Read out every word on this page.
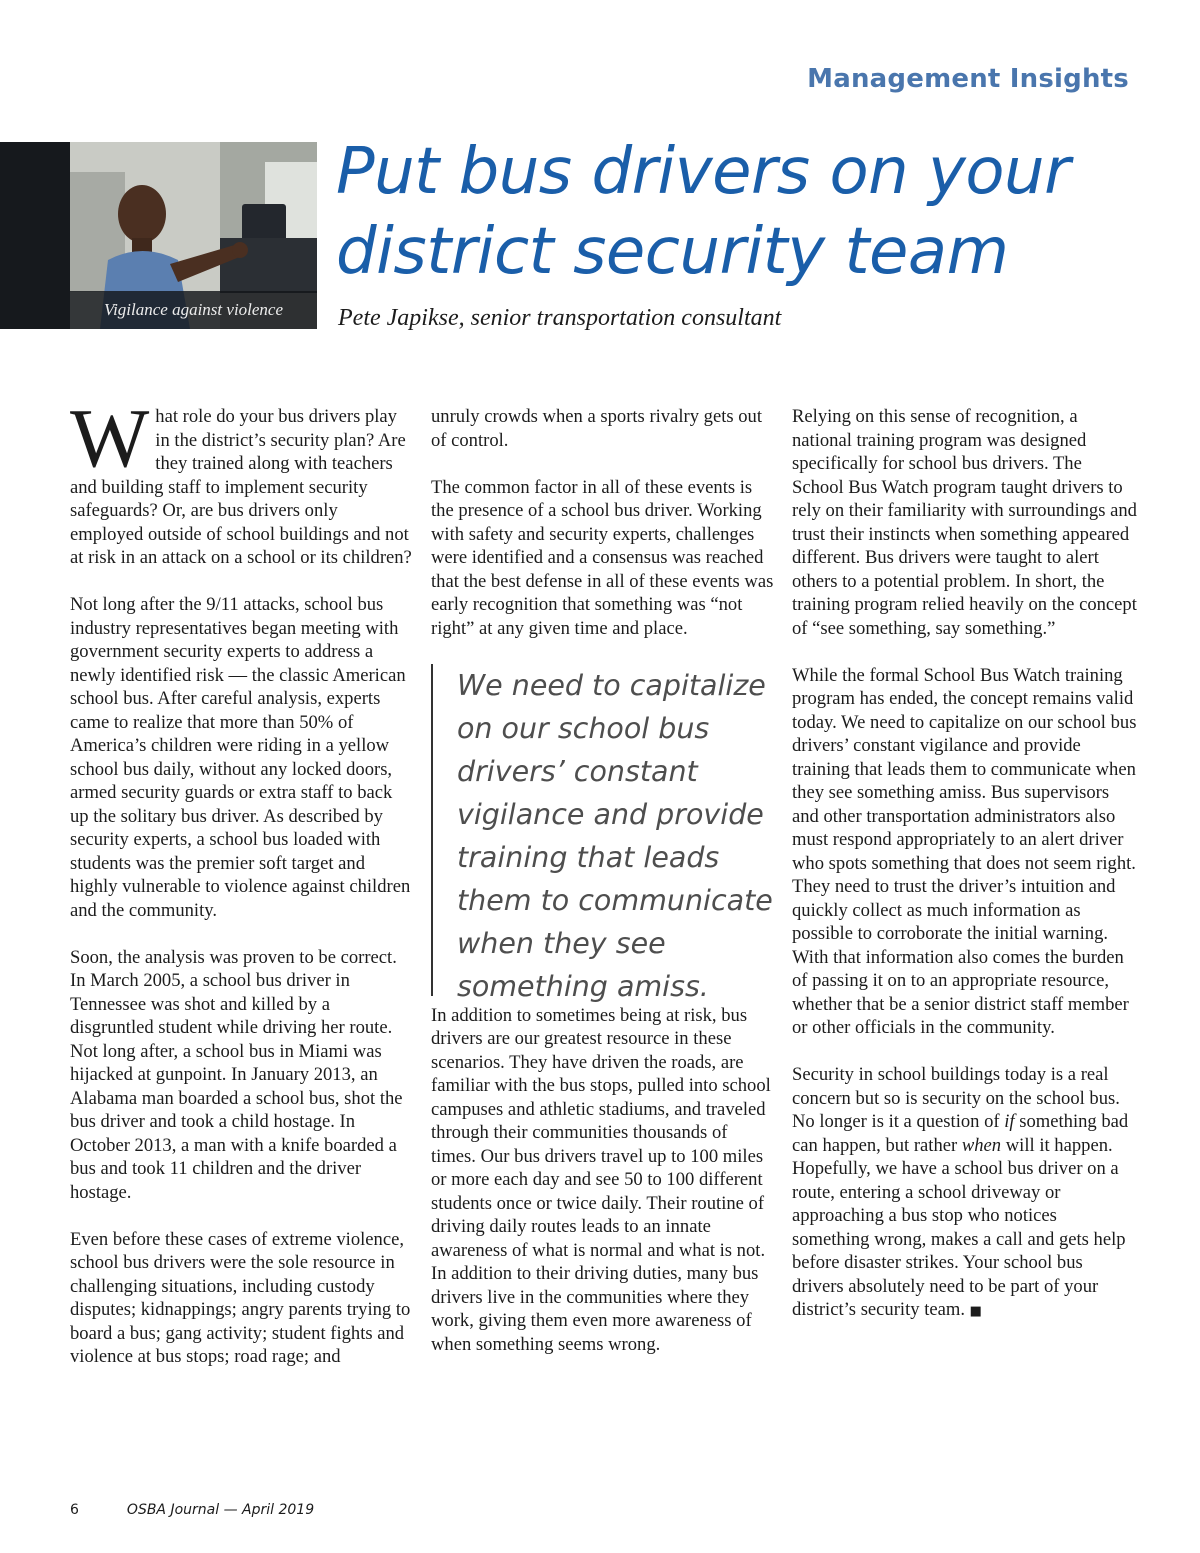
Management Insights
Vigilance against violence
Put bus drivers on your district security team
Pete Japikse, senior transportation consultant

What role do your bus drivers play in the district’s security plan? Are they trained along with teachers and building staff to implement security safeguards? Or, are bus drivers only employed outside of school buildings and not at risk in an attack on a school or its children?

Not long after the 9/11 attacks, school bus industry representatives began meeting with government security experts to address a newly identified risk — the classic American school bus. After careful analysis, experts came to realize that more than 50% of America’s children were riding in a yellow school bus daily, without any locked doors, armed security guards or extra staff to back up the solitary bus driver. As described by security experts, a school bus loaded with students was the premier soft target and highly vulnerable to violence against children and the community.

Soon, the analysis was proven to be correct. In March 2005, a school bus driver in Tennessee was shot and killed by a disgruntled student while driving her route. Not long after, a school bus in Miami was hijacked at gunpoint. In January 2013, an Alabama man boarded a school bus, shot the bus driver and took a child hostage. In October 2013, a man with a knife boarded a bus and took 11 children and the driver hostage.

Even before these cases of extreme violence, school bus drivers were the sole resource in challenging situations, including custody disputes; kidnappings; angry parents trying to board a bus; gang activity; student fights and violence at bus stops; road rage; and

unruly crowds when a sports rivalry gets out of control.

The common factor in all of these events is the presence of a school bus driver. Working with safety and security experts, challenges were identified and a consensus was reached that the best defense in all of these events was early recognition that something was “not right” at any given time and place.

We need to capitalize on our school bus drivers’ constant vigilance and provide training that leads them to communicate when they see something amiss.

In addition to sometimes being at risk, bus drivers are our greatest resource in these scenarios. They have driven the roads, are familiar with the bus stops, pulled into school campuses and athletic stadiums, and traveled through their communities thousands of times. Our bus drivers travel up to 100 miles or more each day and see 50 to 100 different students once or twice daily. Their routine of driving daily routes leads to an innate awareness of what is normal and what is not. In addition to their driving duties, many bus drivers live in the communities where they work, giving them even more awareness of when something seems wrong.

Relying on this sense of recognition, a national training program was designed specifically for school bus drivers. The School Bus Watch program taught drivers to rely on their familiarity with surroundings and trust their instincts when something appeared different. Bus drivers were taught to alert others to a potential problem. In short, the training program relied heavily on the concept of “see something, say something.”

While the formal School Bus Watch training program has ended, the concept remains valid today. We need to capitalize on our school bus drivers’ constant vigilance and provide training that leads them to communicate when they see something amiss. Bus supervisors and other transportation administrators also must respond appropriately to an alert driver who spots something that does not seem right. They need to trust the driver’s intuition and quickly collect as much information as possible to corroborate the initial warning. With that information also comes the burden of passing it on to an appropriate resource, whether that be a senior district staff member or other officials in the community.

Security in school buildings today is a real concern but so is security on the school bus. No longer is it a question of if something bad can happen, but rather when will it happen. Hopefully, we have a school bus driver on a route, entering a school driveway or approaching a bus stop who notices something wrong, makes a call and gets help before disaster strikes. Your school bus drivers absolutely need to be part of your district’s security team. ■

6	OSBA Journal — April 2019
